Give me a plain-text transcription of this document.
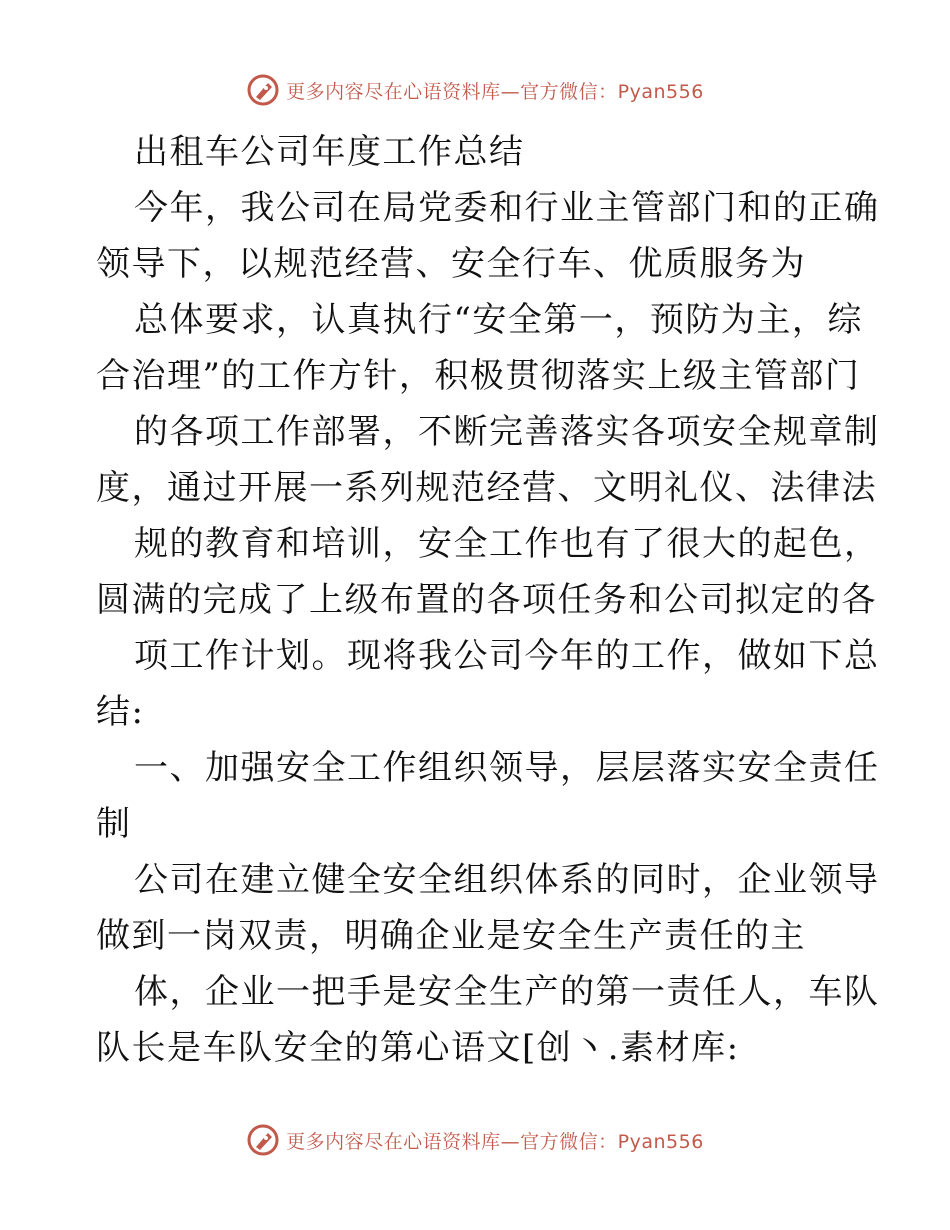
更多内容尽在心语资料库—官方微信：Pyan556
出租车公司年度工作总结
今年，我公司在局党委和行业主管部门和的正确
领导下，以规范经营、安全行车、优质服务为
总体要求，认真执行“安全第一，预防为主，综
合治理”的工作方针，积极贯彻落实上级主管部门
的各项工作部署，不断完善落实各项安全规章制
度，通过开展一系列规范经营、文明礼仪、法律法
规的教育和培训，安全工作也有了很大的起色，
圆满的完成了上级布置的各项任务和公司拟定的各
项工作计划。现将我公司今年的工作，做如下总
结:
一、加强安全工作组织领导，层层落实安全责任
制
公司在建立健全安全组织体系的同时，企业领导
做到一岗双责，明确企业是安全生产责任的主
体，企业一把手是安全生产的第一责任人，车队
队长是车队安全的第心语文[创丶.素材库:
更多内容尽在心语资料库—官方微信：Pyan556
